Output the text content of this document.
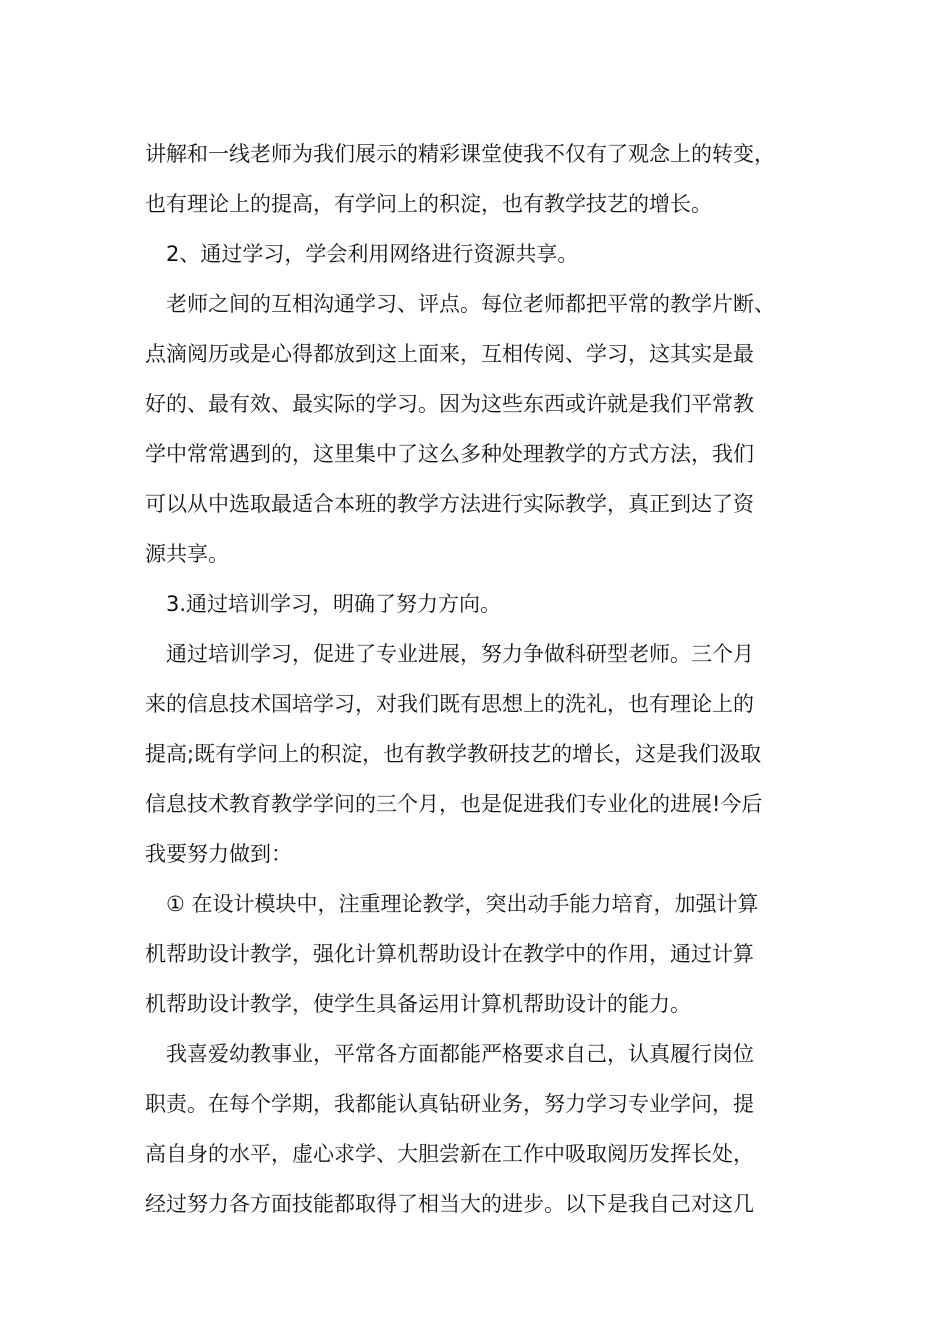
讲解和一线老师为我们展示的精彩课堂使我不仅有了观念上的转变，
也有理论上的提高，有学问上的积淀，也有教学技艺的增长。
2、通过学习，学会利用网络进行资源共享。
老师之间的互相沟通学习、评点。每位老师都把平常的教学片断、
点滴阅历或是心得都放到这上面来，互相传阅、学习，这其实是最
好的、最有效、最实际的学习。因为这些东西或许就是我们平常教
学中常常遇到的，这里集中了这么多种处理教学的方式方法，我们
可以从中选取最适合本班的教学方法进行实际教学，真正到达了资
源共享。
3.通过培训学习，明确了努力方向。
通过培训学习，促进了专业进展，努力争做科研型老师。三个月
来的信息技术国培学习，对我们既有思想上的洗礼，也有理论上的
提高;既有学问上的积淀，也有教学教研技艺的增长，这是我们汲取
信息技术教育教学学问的三个月，也是促进我们专业化的进展!今后
我要努力做到：
① 在设计模块中，注重理论教学，突出动手能力培育，加强计算
机帮助设计教学，强化计算机帮助设计在教学中的作用，通过计算
机帮助设计教学，使学生具备运用计算机帮助设计的能力。
我喜爱幼教事业，平常各方面都能严格要求自己，认真履行岗位
职责。在每个学期，我都能认真钻研业务，努力学习专业学问，提
高自身的水平，虚心求学、大胆尝新在工作中吸取阅历发挥长处，
经过努力各方面技能都取得了相当大的进步。以下是我自己对这几
